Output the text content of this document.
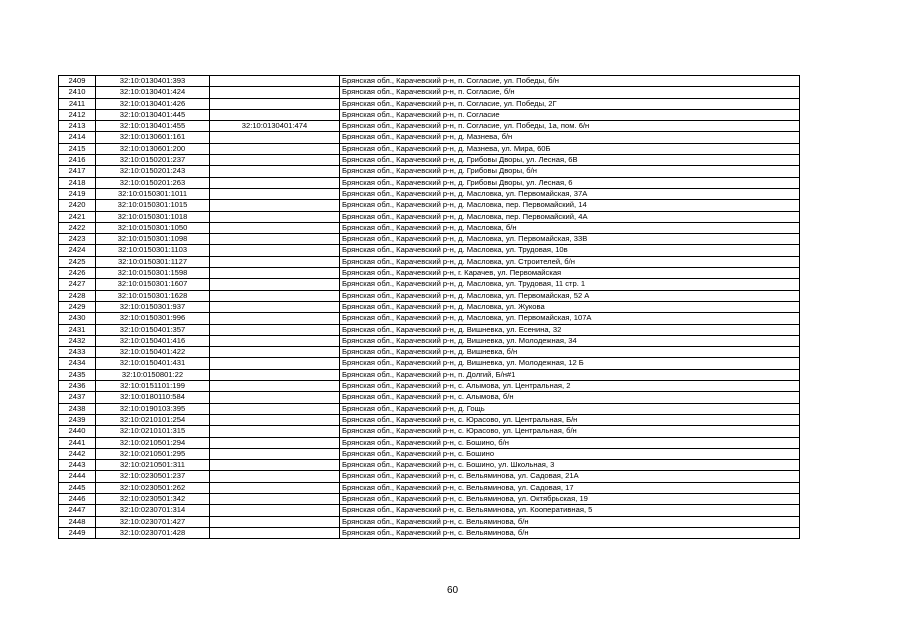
2409	32:10:0130401:393		Брянская обл., Карачевский р-н, п. Согласие, ул. Победы, б/н
2410	32:10:0130401:424		Брянская обл., Карачевский р-н, п. Согласие, б/н
2411	32:10:0130401:426		Брянская обл., Карачевский р-н, п. Согласие, ул. Победы, 2Г
2412	32:10:0130401:445		Брянская обл., Карачевский р-н, п. Согласие
2413	32:10:0130401:455	32:10:0130401:474	Брянская обл., Карачевский р-н, п. Согласие, ул. Победы, 1а, пом. 6/н
2414	32:10:0130601:161		Брянская обл., Карачевский р-н, д. Мазнева, б/н
2415	32:10:0130601:200		Брянская обл., Карачевский р-н, д. Мазнева, ул. Мира, 60Б
2416	32:10:0150201:237		Брянская обл., Карачевский р-н, д. Грибовы Дворы, ул. Лесная, 6В
2417	32:10:0150201:243		Брянская обл., Карачевский р-н, д. Грибовы Дворы, б/н
2418	32:10:0150201:263		Брянская обл., Карачевский р-н, д. Грибовы Дворы, ул. Лесная, 6
2419	32:10:0150301:1011		Брянская обл., Карачевский р-н, д. Масловка, ул. Первомайская, 37А
2420	32:10:0150301:1015		Брянская обл., Карачевский р-н, д. Масловка, пер. Первомайский, 14
2421	32:10:0150301:1018		Брянская обл., Карачевский р-н, д. Масловка, пер. Первомайский, 4А
2422	32:10:0150301:1050		Брянская обл., Карачевский р-н, д. Масловка, б/н
2423	32:10:0150301:1098		Брянская обл., Карачевский р-н, д. Масловка, ул. Первомайская, 33В
2424	32:10:0150301:1103		Брянская обл., Карачевский р-н, д. Масловка, ул. Трудовая, 10в
2425	32:10:0150301:1127		Брянская обл., Карачевский р-н, д. Масловка, ул. Строителей, б/н
2426	32:10:0150301:1598		Брянская обл., Карачевский р-н, г. Карачев, ул. Первомайская
2427	32:10:0150301:1607		Брянская обл., Карачевский р-н, д. Масловка, ул. Трудовая, 11 стр. 1
2428	32:10:0150301:1628		Брянская обл., Карачевский р-н, д. Масловка, ул. Первомайская, 52 А
2429	32:10:0150301:937		Брянская обл., Карачевский р-н, д. Масловка, ул. Жукова
2430	32:10:0150301:996		Брянская обл., Карачевский р-н, д. Масловка, ул. Первомайская, 107А
2431	32:10:0150401:357		Брянская обл., Карачевский р-н, д. Вишневка, ул. Есенина, 32
2432	32:10:0150401:416		Брянская обл., Карачевский р-н, д. Вишневка, ул. Молодежная, 34
2433	32:10:0150401:422		Брянская обл., Карачевский р-н, д. Вишневка, б/н
2434	32:10:0150401:431		Брянская обл., Карачевский р-н, д. Вишневка, ул. Молодежная, 12 Б
2435	32:10:0150801:22		Брянская обл., Карачевский р-н, п. Долгий, Б/н#1
2436	32:10:0151101:199		Брянская обл., Карачевский р-н, с. Алымова, ул. Центральная, 2
2437	32:10:0180110:584		Брянская обл., Карачевский р-н, с. Алымова, б/н
2438	32:10:0190103:395		Брянская обл., Карачевский р-н, д. Гощь
2439	32:10:0210101:254		Брянская обл., Карачевский р-н, с. Юрасово, ул. Центральная, Б/н
2440	32:10:0210101:315		Брянская обл., Карачевский р-н, с. Юрасово, ул. Центральная, б/н
2441	32:10:0210501:294		Брянская обл., Карачевский р-н, с. Бошино, б/н
2442	32:10:0210501:295		Брянская обл., Карачевский р-н, с. Бошино
2443	32:10:0210501:311		Брянская обл., Карачевский р-н, с. Бошино, ул. Школьная, 3
2444	32:10:0230501:237		Брянская обл., Карачевский р-н, с. Вельяминова, ул. Садовая, 21А
2445	32:10:0230501:262		Брянская обл., Карачевский р-н, с. Вельяминова, ул. Садовая, 17
2446	32:10:0230501:342		Брянская обл., Карачевский р-н, с. Вельяминова, ул. Октябрьская, 19
2447	32:10:0230701:314		Брянская обл., Карачевский р-н, с. Вельяминова, ул. Кооперативная, 5
2448	32:10:0230701:427		Брянская обл., Карачевский р-н, с. Вельяминова, б/н
2449	32:10:0230701:428		Брянская обл., Карачевский р-н, с. Вельяминова, б/н
60
